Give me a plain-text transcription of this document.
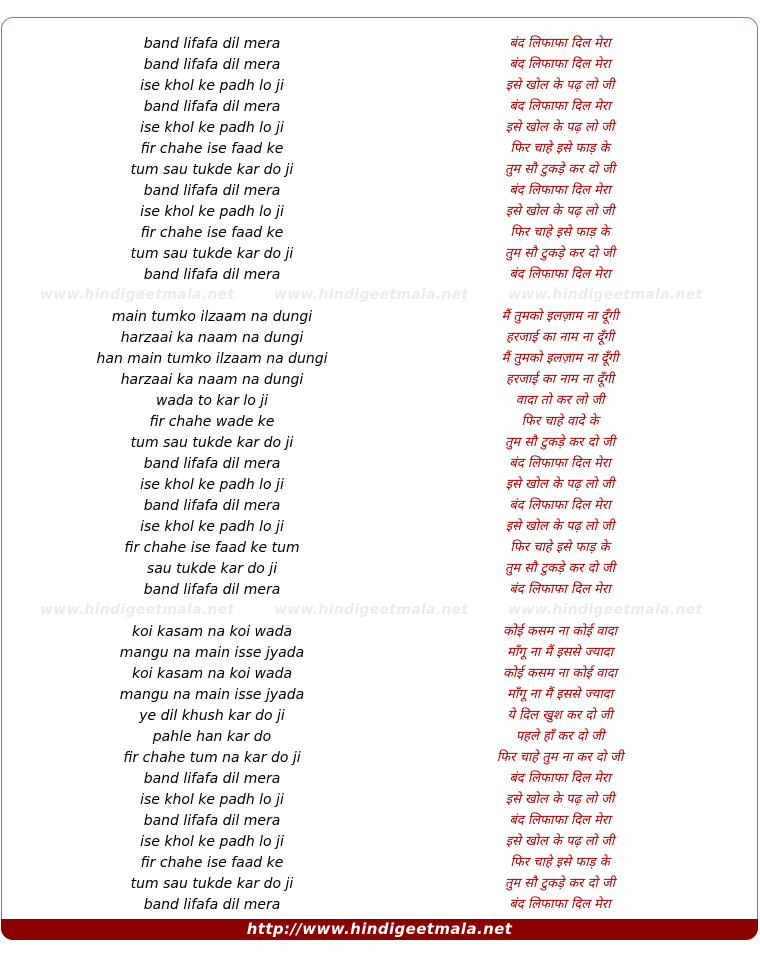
band lifafa dil mera	बंद लिफाफा दिल मेरा
band lifafa dil mera	बंद लिफाफा दिल मेरा
ise khol ke padh lo ji	इसे खोल के पढ़ लो जी
band lifafa dil mera	बंद लिफाफा दिल मेरा
ise khol ke padh lo ji	इसे खोल के पढ़ लो जी
fir chahe ise faad ke	फिर चाहे इसे फाड़ के
tum sau tukde kar do ji	तुम सौ टुकड़े कर दो जी
band lifafa dil mera	बंद लिफाफा दिल मेरा
ise khol ke padh lo ji	इसे खोल के पढ़ लो जी
fir chahe ise faad ke	फिर चाहे इसे फाड़ के
tum sau tukde kar do ji	तुम सौ टुकड़े कर दो जी
band lifafa dil mera	बंद लिफाफा दिल मेरा
main tumko ilzaam na dungi	मैं तुमको इलज़ाम ना दूँगी
harzaai ka naam na dungi	हरजाई का नाम ना दूँगी
han main tumko ilzaam na dungi	मैं तुमको इलज़ाम ना दूँगी
harzaai ka naam na dungi	हरजाई का नाम ना दूँगी
wada to kar lo ji	वादा तो कर लो जी
fir chahe wade ke	फिर चाहे वादे के
tum sau tukde kar do ji	तुम सौ टुकड़े कर दो जी
band lifafa dil mera	बंद लिफाफा दिल मेरा
ise khol ke padh lo ji	इसे खोल के पढ़ लो जी
band lifafa dil mera	बंद लिफाफा दिल मेरा
ise khol ke padh lo ji	इसे खोल के पढ़ लो जी
fir chahe ise faad ke tum	फिर चाहे इसे फाड़ के
sau tukde kar do ji	तुम सौ टुकड़े कर दो जी
band lifafa dil mera	बंद लिफाफा दिल मेरा
koi kasam na koi wada	कोई कसम ना कोई वादा
mangu na main isse jyada	माँगू ना मैं इससे ज्यादा
koi kasam na koi wada	कोई कसम ना कोई वादा
mangu na main isse jyada	माँगू ना मैं इससे ज्यादा
ye dil khush kar do ji	ये दिल खुश कर दो जी
pahle han kar do	पहले हाँ कर दो जी
fir chahe tum na kar do ji	फिर चाहे तुम ना कर दो जी
band lifafa dil mera	बंद लिफाफा दिल मेरा
ise khol ke padh lo ji	इसे खोल के पढ़ लो जी
band lifafa dil mera	बंद लिफाफा दिल मेरा
ise khol ke padh lo ji	इसे खोल के पढ़ लो जी
fir chahe ise faad ke	फिर चाहे इसे फाड़ के
tum sau tukde kar do ji	तुम सौ टुकड़े कर दो जी
band lifafa dil mera	बंद लिफाफा दिल मेरा
www.hindigeetmala.net	www.hindigeetmala.net	www.hindigeetmala.net
www.hindigeetmala.net	www.hindigeetmala.net	www.hindigeetmala.net
http://www.hindigeetmala.net
